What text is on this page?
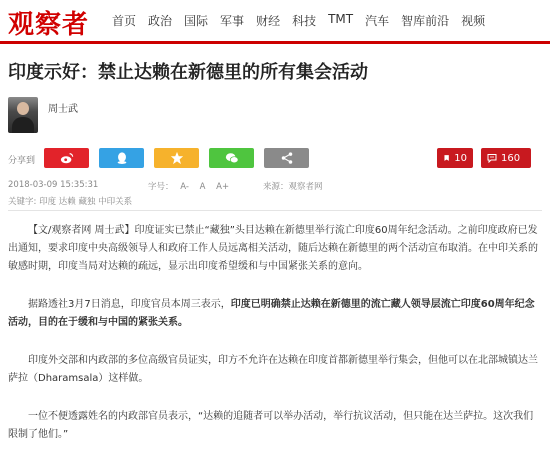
观察者 首页 政治 国际 军事 财经 科技 TMT 汽车 智库前沿 视频
印度示好：禁止达赖在新德里的所有集会活动
周士武
分享到	10	160
2018-03-09 15:35:31	字号： A- A A+	来源：观察者网
关键字: 印度 达赖 藏独 中印关系

【文/观察者网 周士武】印度证实已禁止“藏独”头目达赖在新德里举行流亡印度60周年纪念活动。之前印度政府已发出通知，要求印度中央高级领导人和政府工作人员远离相关活动，随后达赖在新德里的两个活动宣布取消。在中印关系的敏感时期，印度当局对达赖的疏远，显示出印度希望缓和与中国紧张关系的意向。

据路透社3月7日消息，印度官员本周三表示，印度已明确禁止达赖在新德里的流亡藏人领导层流亡印度60周年纪念活动，目的在于缓和与中国的紧张关系。

印度外交部和内政部的多位高级官员证实，印方不允许在达赖在印度首都新德里举行集会，但他可以在北部城镇达兰萨拉（Dharamsala）这样做。

一位不便透露姓名的内政部官员表示，“达赖的追随者可以举办活动，举行抗议活动，但只能在达兰萨拉。这次我们限制了他们。”
